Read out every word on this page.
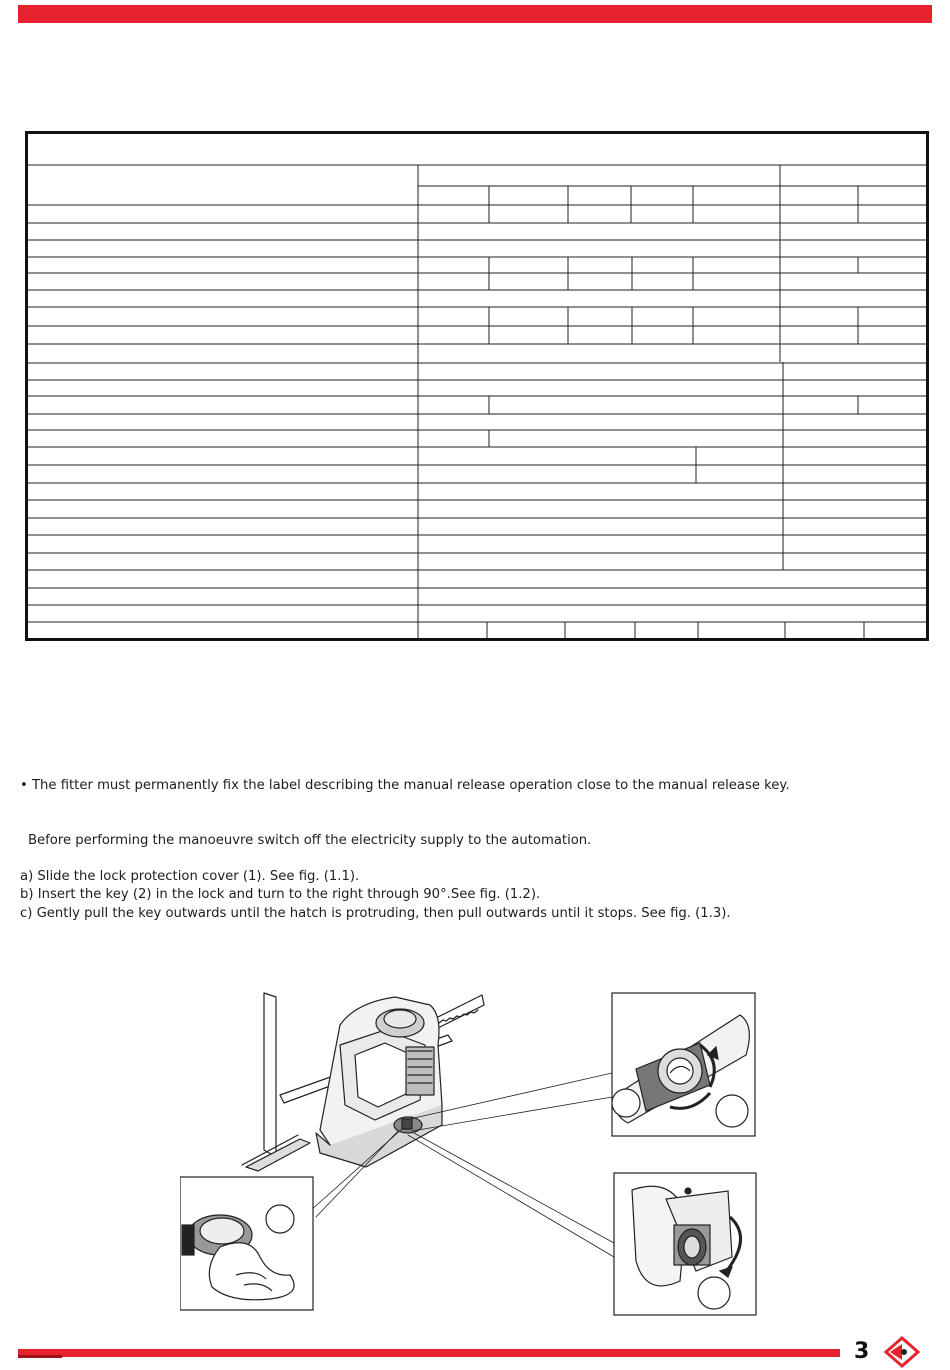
• The fitter must permanently fix the label describing the manual release operation close to the manual release key.
Before performing the manoeuvre switch off the electricity supply to the automation.
a) Slide the lock protection cover (1). See fig. (1.1).
b) Insert the key (2) in the lock and turn to the right through 90°.See fig. (1.2).
c) Gently pull the key outwards until the hatch is protruding, then pull outwards until it stops. See fig. (1.3).
3
